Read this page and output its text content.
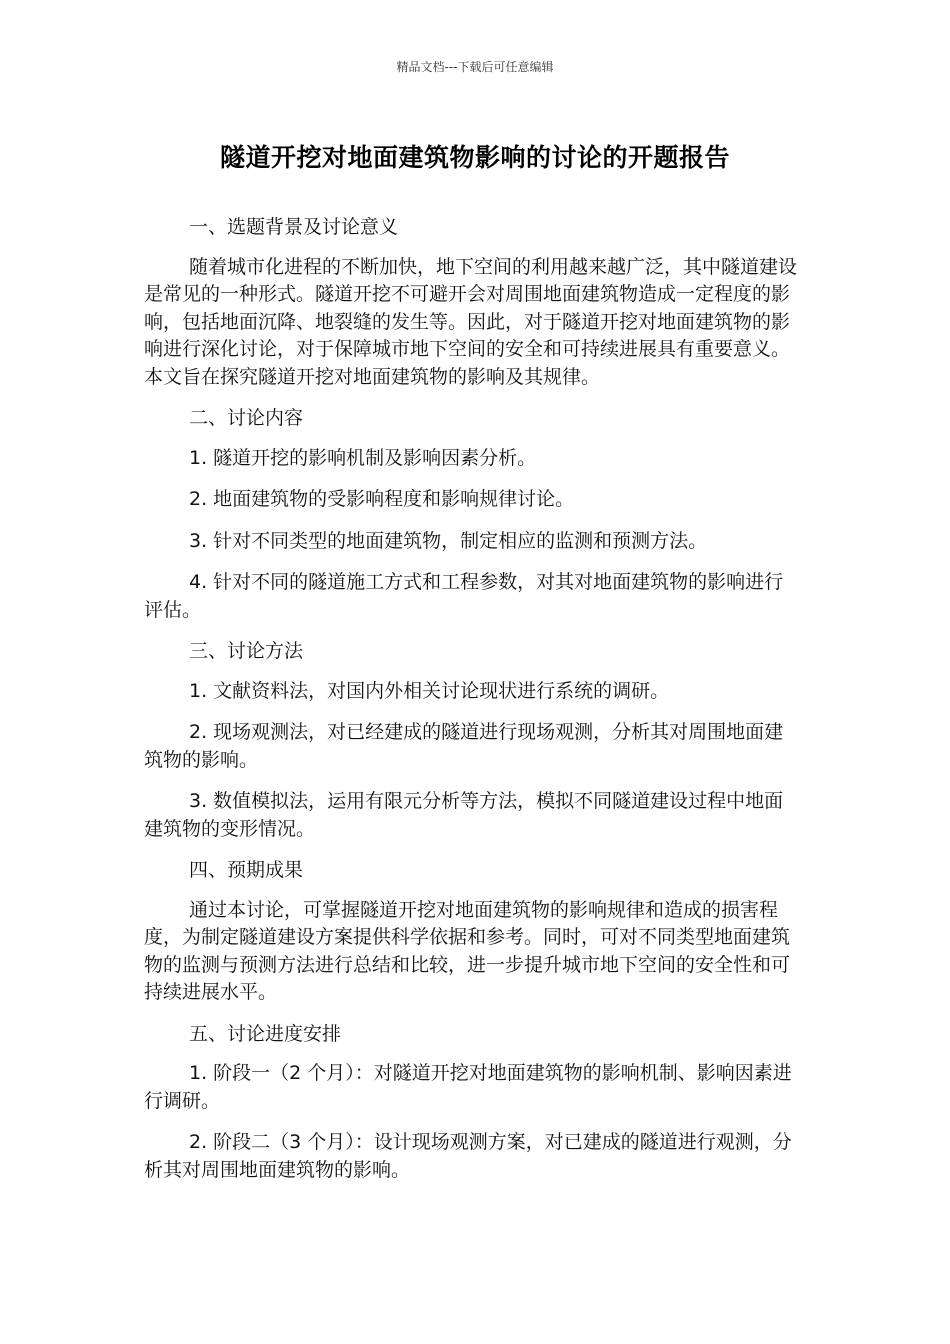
精品文档---下载后可任意编辑
隧道开挖对地面建筑物影响的讨论的开题报告

一、选题背景及讨论意义

随着城市化进程的不断加快，地下空间的利用越来越广泛，其中隧道建设是常见的一种形式。隧道开挖不可避开会对周围地面建筑物造成一定程度的影响，包括地面沉降、地裂缝的发生等。因此，对于隧道开挖对地面建筑物的影响进行深化讨论，对于保障城市地下空间的安全和可持续进展具有重要意义。本文旨在探究隧道开挖对地面建筑物的影响及其规律。

二、讨论内容

1. 隧道开挖的影响机制及影响因素分析。

2. 地面建筑物的受影响程度和影响规律讨论。

3. 针对不同类型的地面建筑物，制定相应的监测和预测方法。

4. 针对不同的隧道施工方式和工程参数，对其对地面建筑物的影响进行评估。

三、讨论方法

1. 文献资料法，对国内外相关讨论现状进行系统的调研。

2. 现场观测法，对已经建成的隧道进行现场观测，分析其对周围地面建筑物的影响。

3. 数值模拟法，运用有限元分析等方法，模拟不同隧道建设过程中地面建筑物的变形情况。

四、预期成果

通过本讨论，可掌握隧道开挖对地面建筑物的影响规律和造成的损害程度，为制定隧道建设方案提供科学依据和参考。同时，可对不同类型地面建筑物的监测与预测方法进行总结和比较，进一步提升城市地下空间的安全性和可持续进展水平。

五、讨论进度安排

1. 阶段一（2 个月）：对隧道开挖对地面建筑物的影响机制、影响因素进行调研。

2. 阶段二（3 个月）：设计现场观测方案，对已建成的隧道进行观测，分析其对周围地面建筑物的影响。
